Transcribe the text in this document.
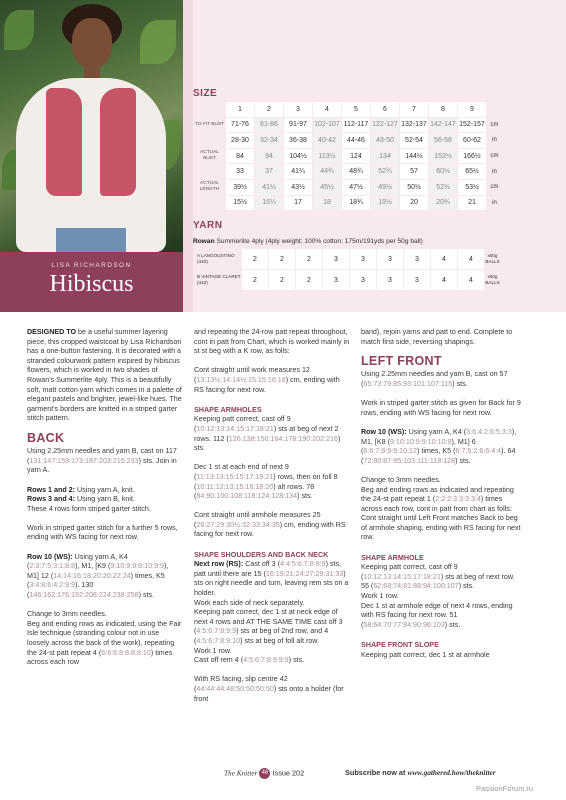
LISA RICHARDSON
Hibiscus
SIZE
	1	2	3	4	5	6	7	8	9	
TO FIT BUST	71-76	81-86	91-97	102-107	112-117	122-127	132-137	142-147	152-157	cm
	28-30	32-34	36-38	40-42	44-46	48-50	52-54	56-58	60-62	in
ACTUAL BUST	84	94	104½	113½	124	134	144½	153½	166½	cm
	33	37	41¼	44¾	48¾	52¾	57	60½	65½	in
ACTUAL LENGTH	39½	41½	43½	45½	47½	49½	50½	52½	53½	cm
	15½	16¼	17	18	18¾	19½	20	20¾	21	in
YARN
Rowan Summerlite 4ply (4ply weight; 100% cotton; 175m/191yds per 50g ball)
A LANGOUSTINO (440)	2	2	2	3	3	3	3	4	4	x50g BALLS
B VINTAGE CLARET (443)	2	2	2	3	3	3	3	4	4	x50g BALLS

DESIGNED TO be a useful summer layering piece, this cropped waistcoat by Lisa Richardson has a one-button fastening. It is decorated with a stranded colourwork pattern inspired by hibiscus flowers, which is worked in two shades of Rowan's Summerlite 4ply. This is a beautifully soft, matt cotton yarn which comes in a palette of elegant pastels and brighter, jewel-like hues. The garment's borders are knitted in a striped garter stitch pattern.

BACK

Using 2.25mm needles and yarn B, cast on 117 (131:147:159:173:187:203:215:233) sts. Join in yarn A.

Rows 1 and 2: Using yarn A, knit.
Rows 3 and 4: Using yarn B, knit.
These 4 rows form striped garter stitch.

Work in striped garter stitch for a further 5 rows, ending with WS facing for next row.

Row 10 (WS): Using yarn A, K4 (2:3:7:5:3:1:8:8), M1, [K9 (9:10:9:9:9:10:9:9), M1] 12 (14:14:16:18:20:20:22:24) times, K5 (3:4:8:6:4:2:9:9). 130 (146:162:176:192:208:224:238:258) sts.

Change to 3mm needles.
Beg and ending rows as indicated, using the Fair Isle technique (stranding colour not in use loosely across the back of the work), repeating the 24-st patt repeat 4 (6:6:6:8:8:8:8:10) times across each row

and repeating the 24-row patt repeat throughout, cont in patt from Chart, which is worked mainly in st st beg with a K row, as folls:

Cont straight until work measures 12 (13:13½:14:14½:15:15:16:16) cm, ending with RS facing for next row.

SHAPE ARMHOLES

Keeping patt correct, cast off 9 (10:12:13:14:15:17:18:21) sts at beg of next 2 rows. 112 (126:138:150:164:178:190:202:216) sts.

Dec 1 st at each end of next 9 (11:13:13:15:15:17:19:21) rows, then on foll 8 (10:11:12:13:15:16:18:20) alt rows. 78 (84:90:100:108:118:124:128:134) sts.

Cont straight until armhole measures 25 (26:27:29:30½:32:33:34:35) cm, ending with RS facing for next row.

SHAPE SHOULDERS AND BACK NECK

Next row (RS): Cast off 3 (4:4:5:6:7:8:8:9) sts, patt until there are 15 (16:19:21:24:27:29:31:33) sts on right needle and turn, leaving rem sts on a holder.
Work each side of neck separately.
Keeping patt correct, dec 1 st at neck edge of next 4 rows and AT THE SAME TIME cast off 3 (4:5:6:7:8:9:9) sts at beg of 2nd row, and 4 (4:5:6:7:8:9:10) sts at beg of foll alt row.
Work 1 row.
Cast off rem 4 (4:5:6:7:8:9:9:9) sts.

With RS facing, slip centre 42 (44:44:44:48:50:50:50:50) sts onto a holder (for front

band), rejoin yarns and patt to end. Complete to match first side, reversing shapings.

LEFT FRONT

Using 2.25mm needles and yarn B, cast on 57 (65:73:79:85:93:101:107:115) sts.

Work in striped garter stitch as given for Back for 9 rows, ending with WS facing for next row.

Row 10 (WS): Using yarn A, K4 (3:6:4:2:6:5:3:3), M1, [K8 (9:10:10:9:9:10:10:9), M1] 6 (6:6:7:9:9:9:10:12) times, K5 (6:7:5:2:6:6:4:4). 64 (72:80:87:95:103:111:118:128) sts.

Change to 3mm needles.
Beg and ending rows as indicated and repeating the 24-st patt repeat 1 (2:2:2:3:3:3:3:4) times across each row, cont in patt from chart as folls:
Cont straight until Left Front matches Back to beg of armhole shaping, ending with RS facing for next row.

SHAPE ARMHOLE

Keeping patt correct, cast off 9 (10:12:13:14:15:17:18:21) sts at beg of next row. 55 (62:68:74:81:88:94:100:107) sts.
Work 1 row.
Dec 1 st at armhole edge of next 4 rows, ending with RS facing for next row. 51 (58:64:70:77:84:90:96:103) sts.

SHAPE FRONT SLOPE

Keeping patt correct, dec 1 st at armhole

The Knitter 46 Issue 202	Subscribe now at www.gathered.how/theknitter
PassionForum.ru
